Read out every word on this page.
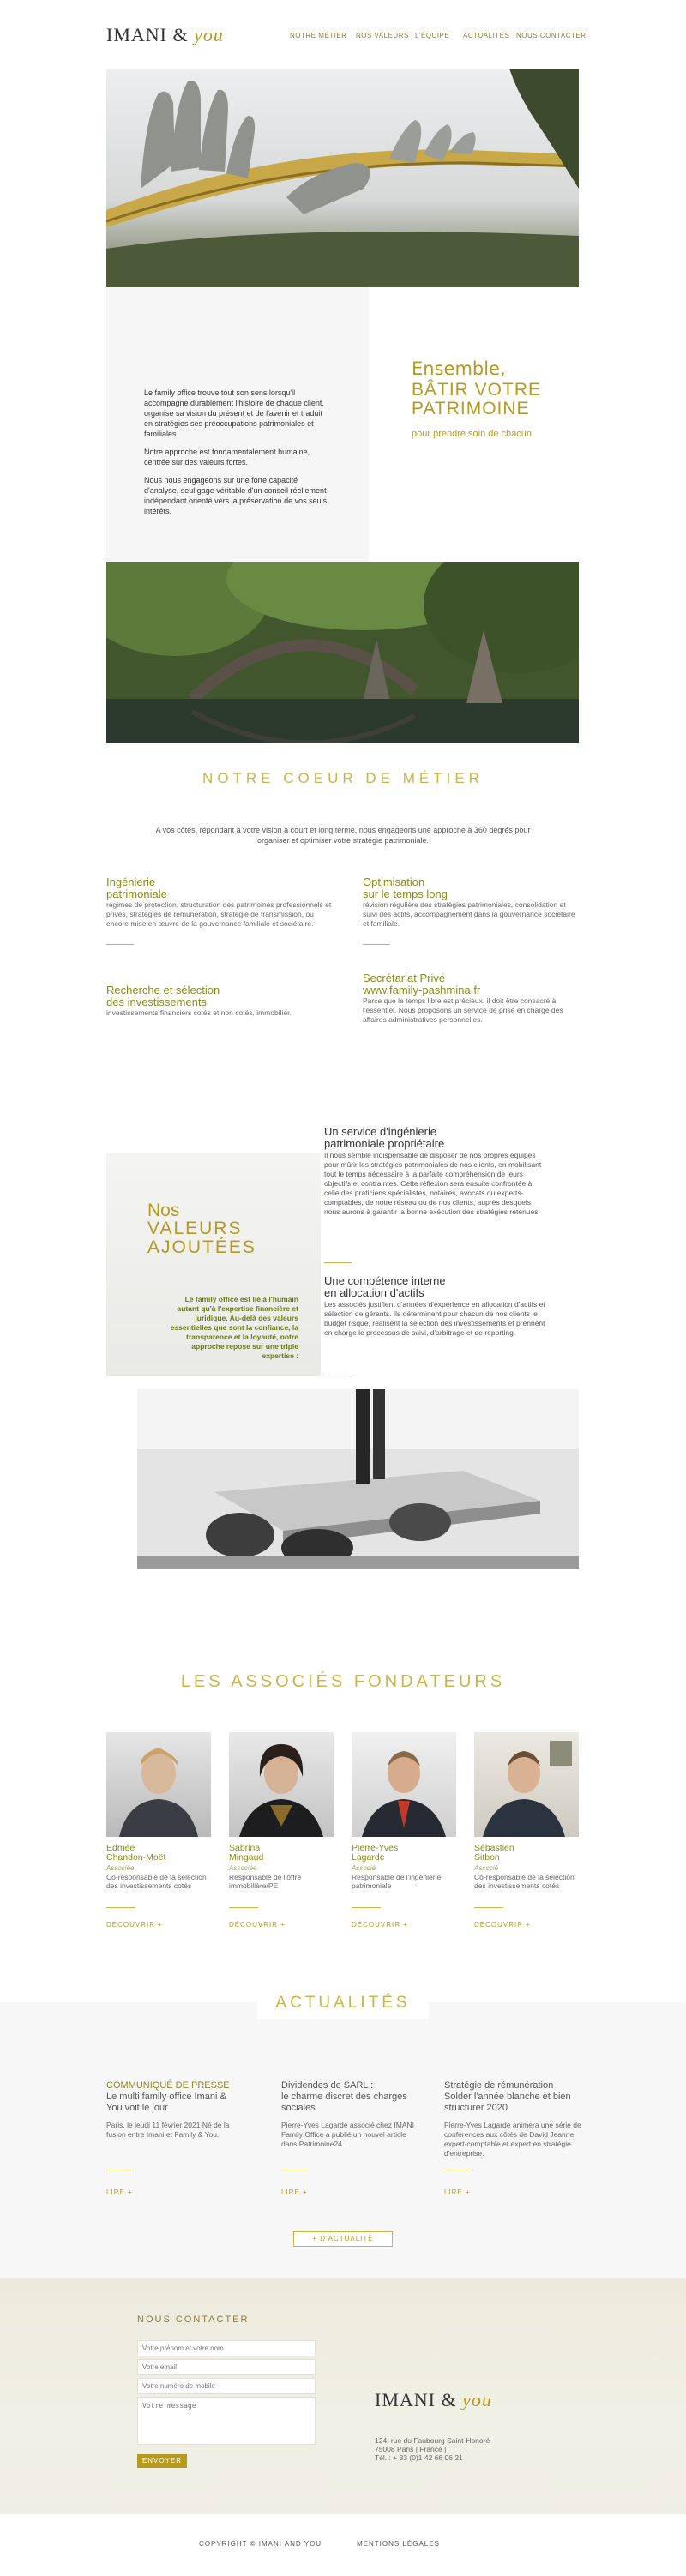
IMANI & you	NOTRE MÉTIER NOS VALEURS L'ÉQUIPE ACTUALITÉS NOUS CONTACTER

Le family office trouve tout son sens lorsqu'il accompagne durablement l'histoire de chaque client, organise sa vision du présent et de l'avenir et traduit en stratégies ses préoccupations patrimoniales et familiales.

Notre approche est fondamentalement humaine, centrée sur des valeurs fortes.

Nous nous engageons sur une forte capacité d'analyse, seul gage véritable d'un conseil réellement indépendant orienté vers la préservation de vos seuls intérêts.

Ensemble,
BÂTIR VOTRE PATRIMOINE
pour prendre soin de chacun
NOTRE COEUR DE MÉTIER
A vos côtés, répondant à votre vision à court et long terme, nous engageons une approche à 360 degrés pour organiser et optimiser votre stratégie patrimoniale.
Ingénierie
patrimoniale
régimes de protection, structuration des patrimoines professionnels et privés, stratégies de rémunération, stratégie de transmission, ou encore mise en œuvre de la gouvernance familiale et sociétaire.
Optimisation
sur le temps long
révision régulière des stratégies patrimoniales, consolidation et suivi des actifs, accompagnement dans la gouvernance sociétaire et familiale.
Recherche et sélection
des investissements
investissements financiers cotés et non cotés, immobilier.
Secrétariat Privé
www.family-pashmina.fr
Parce que le temps libre est précieux, il doit être consacré à l'essentiel. Nous proposons un service de prise en charge des affaires administratives personnelles.
Nos
VALEURS AJOUTÉES
Le family office est lié à l'humain autant qu'à l'expertise financière et juridique. Au-delà des valeurs essentielles que sont la confiance, la transparence et la loyauté, notre approche repose sur une triple expertise :
Un service d'ingénierie
patrimoniale propriétaire
Il nous semble indispensable de disposer de nos propres équipes pour mûrir les stratégies patrimoniales de nos clients, en mobilisant tout le temps nécessaire à la parfaite compréhension de leurs objectifs et contraintes. Cette réflexion sera ensuite confrontée à celle des praticiens spécialistes, notaires, avocats ou experts-comptables, de notre réseau ou de nos clients, auprès desquels nous aurons à garantir la bonne exécution des stratégies retenues.
Une compétence interne
en allocation d'actifs
Les associés justifient d'années d'expérience en allocation d'actifs et sélection de gérants. Ils déterminent pour chacun de nos clients le budget risque, réalisent la sélection des investissements et prennent en charge le processus de suivi, d'arbitrage et de reporting.
LES ASSOCIÉS FONDATEURS
Edmée
Chandon-Moët
Sabrina
Mingaud
Pierre-Yves
Lagarde
Sébastien
Sitbon
Associée	Associée	Associé	Associé
Co-responsable de la sélection des investissements cotés
Responsable de l'offre immobilière/PE
Responsable de l'ingénierie patrimoniale
Co-responsable de la sélection des investissements cotés
DÉCOUVRIR +	DÉCOUVRIR +	DÉCOUVRIR +	DÉCOUVRIR +
ACTUALITÉS
COMMUNIQUÉ DE PRESSE
Le multi family office Imani & You voit le jour
Paris, le jeudi 11 février 2021 Né de la fusion entre Imani et Family & You.
Dividendes de SARL :
le charme discret des charges sociales
Pierre-Yves Lagarde associé chez IMANI Family Office a publié un nouvel article dans Patrimoine24.
Stratégie de rémunération
Solder l'année blanche et bien structurer 2020
Pierre-Yves Lagarde animera une série de conférences aux côtés de David Jeanne, expert-comptable et expert en stratégie d'entreprise.
LIRE +	LIRE +	LIRE +
+ D'ACTUALITÉ
NOUS CONTACTER
Votre prénom et votre nom
Votre email
Votre numéro de mobile
Votre message
ENVOYER
IMANI & you
124, rue du Faubourg Saint-Honoré
75008 Paris | France |
Tél. : + 33 (0)1 42 66 06 21
COPYRIGHT © IMANI AND YOU	MENTIONS LÉGALES
